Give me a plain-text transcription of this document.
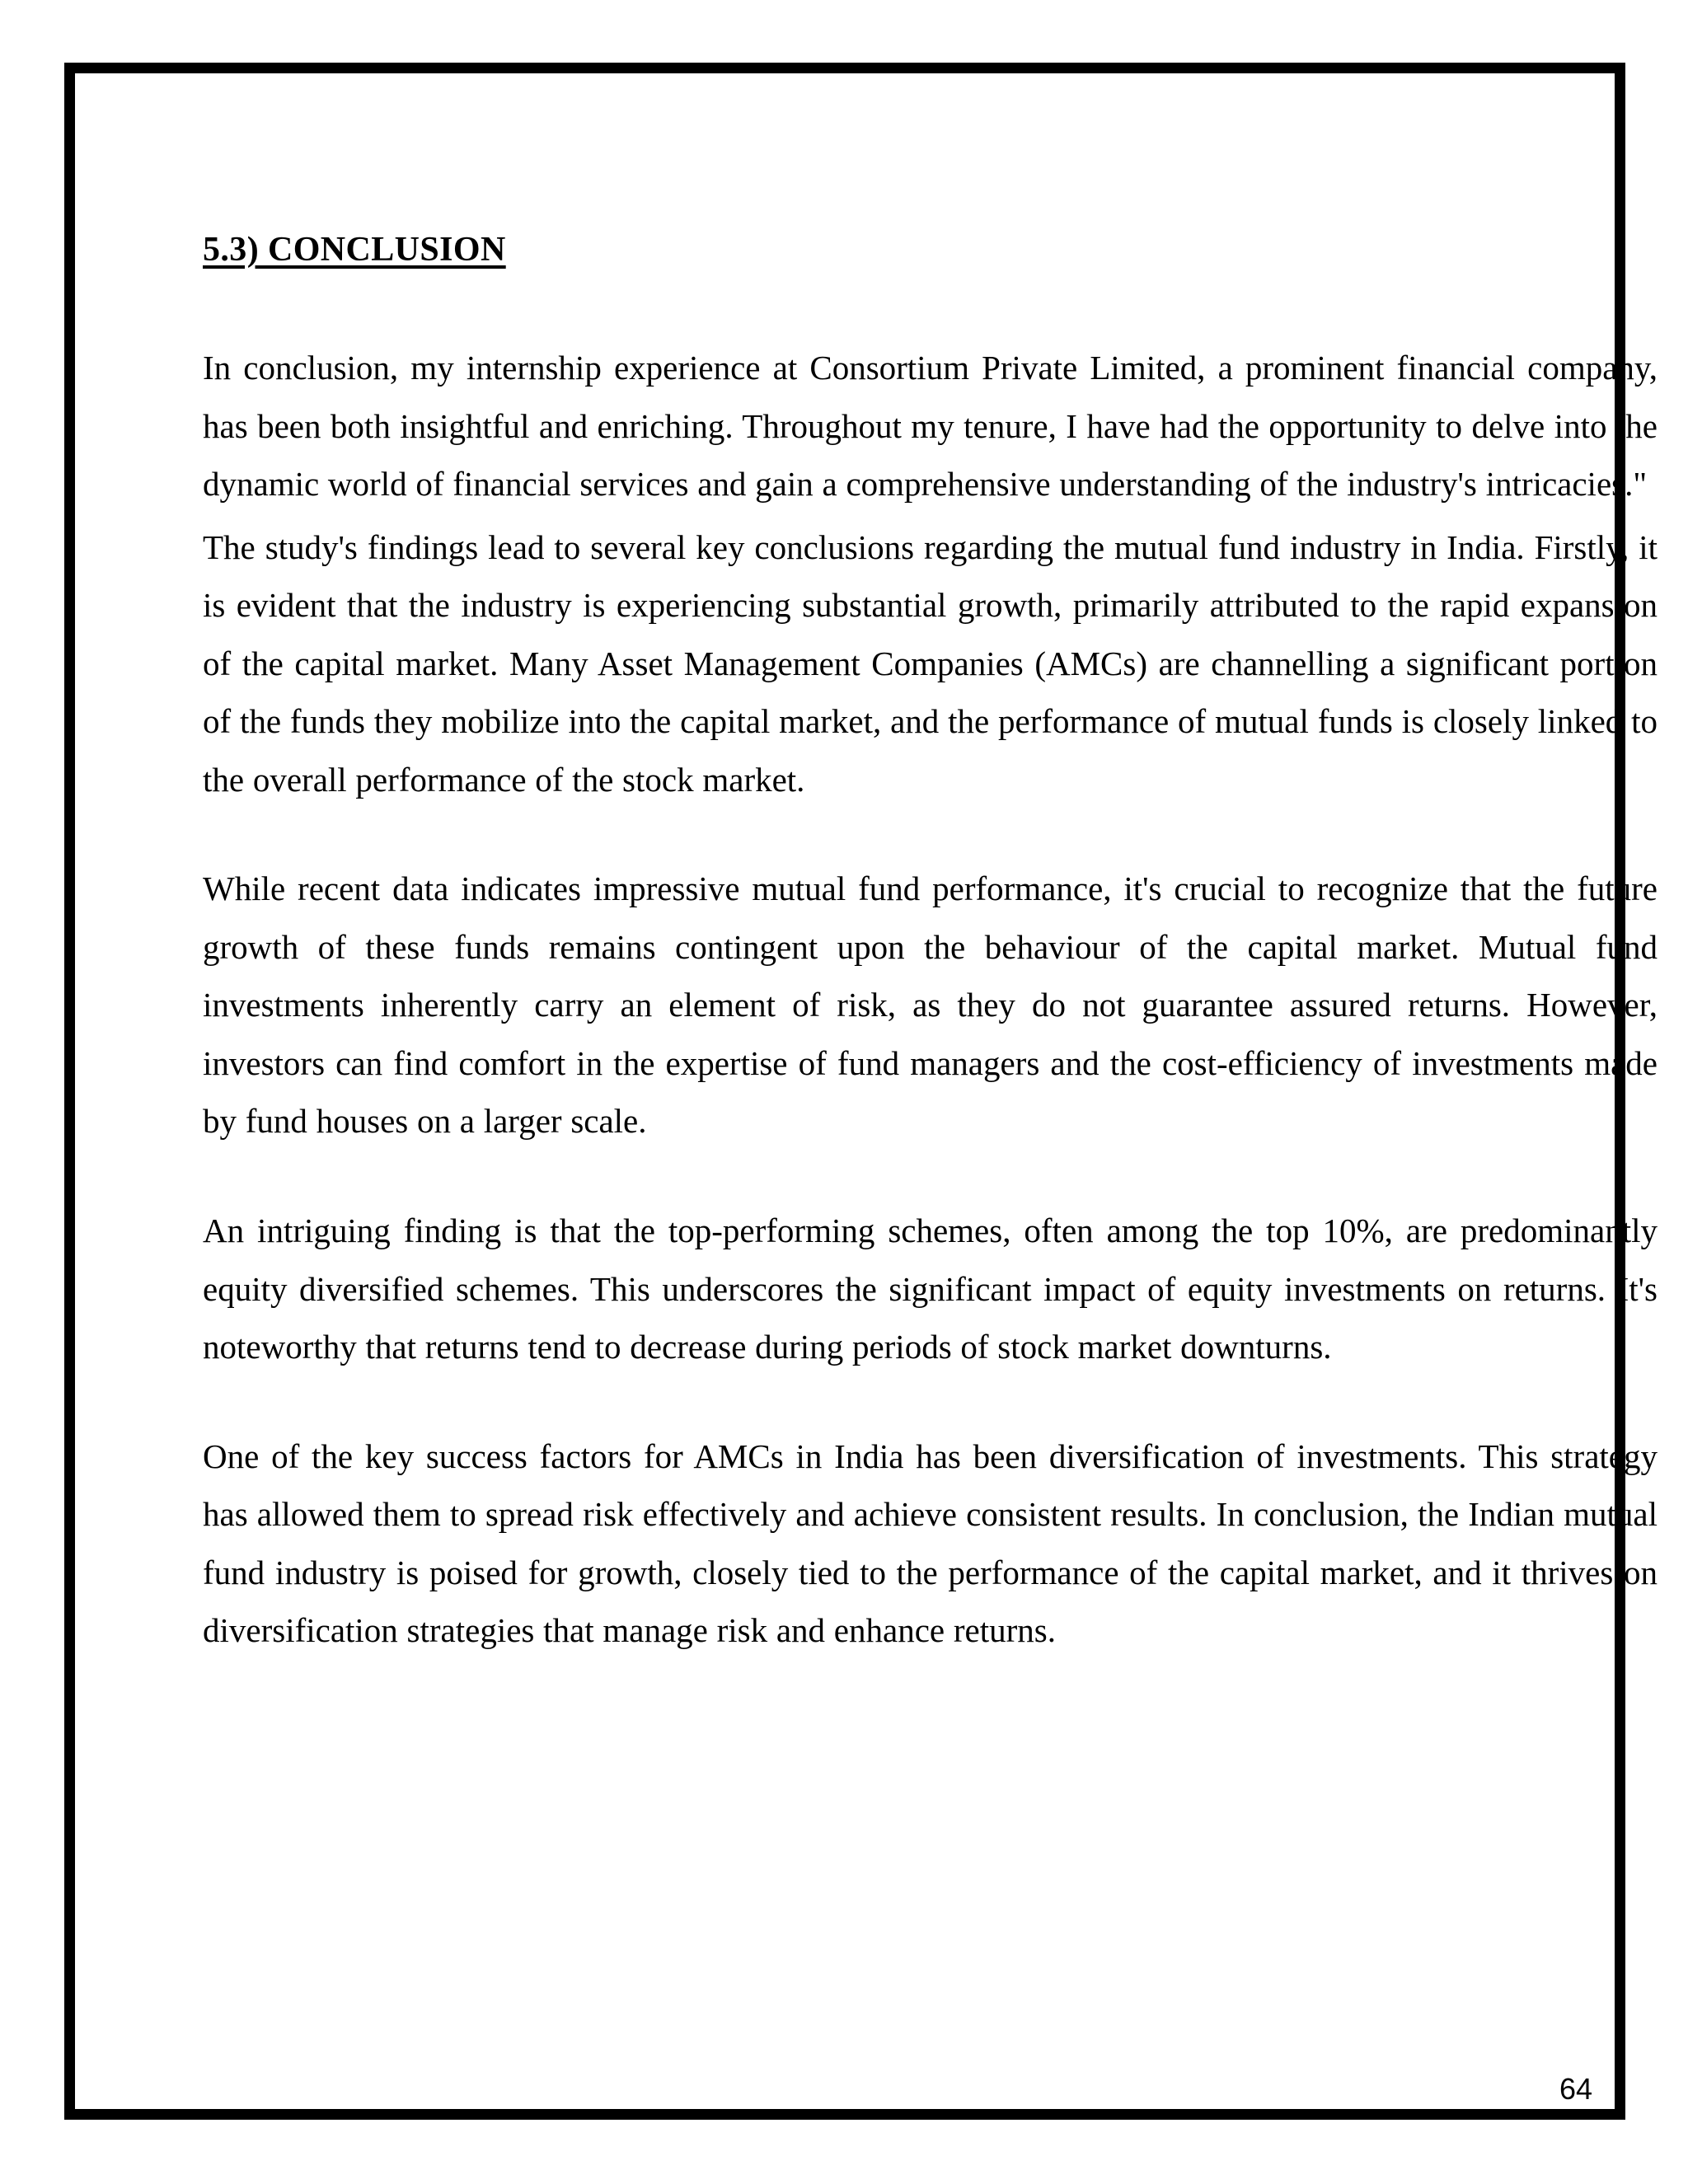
5.3) CONCLUSION

In conclusion, my internship experience at Consortium Private Limited, a prominent financial company, has been both insightful and enriching. Throughout my tenure, I have had the opportunity to delve into the dynamic world of financial services and gain a comprehensive understanding of the industry's intricacies."

The study's findings lead to several key conclusions regarding the mutual fund industry in India. Firstly, it is evident that the industry is experiencing substantial growth, primarily attributed to the rapid expansion of the capital market. Many Asset Management Companies (AMCs) are channelling a significant portion of the funds they mobilize into the capital market, and the performance of mutual funds is closely linked to the overall performance of the stock market.

While recent data indicates impressive mutual fund performance, it's crucial to recognize that the future growth of these funds remains contingent upon the behaviour of the capital market. Mutual fund investments inherently carry an element of risk, as they do not guarantee assured returns. However, investors can find comfort in the expertise of fund managers and the cost-efficiency of investments made by fund houses on a larger scale.

An intriguing finding is that the top-performing schemes, often among the top 10%, are predominantly equity diversified schemes. This underscores the significant impact of equity investments on returns. It's noteworthy that returns tend to decrease during periods of stock market downturns.

One of the key success factors for AMCs in India has been diversification of investments. This strategy has allowed them to spread risk effectively and achieve consistent results. In conclusion, the Indian mutual fund industry is poised for growth, closely tied to the performance of the capital market, and it thrives on diversification strategies that manage risk and enhance returns.

64
